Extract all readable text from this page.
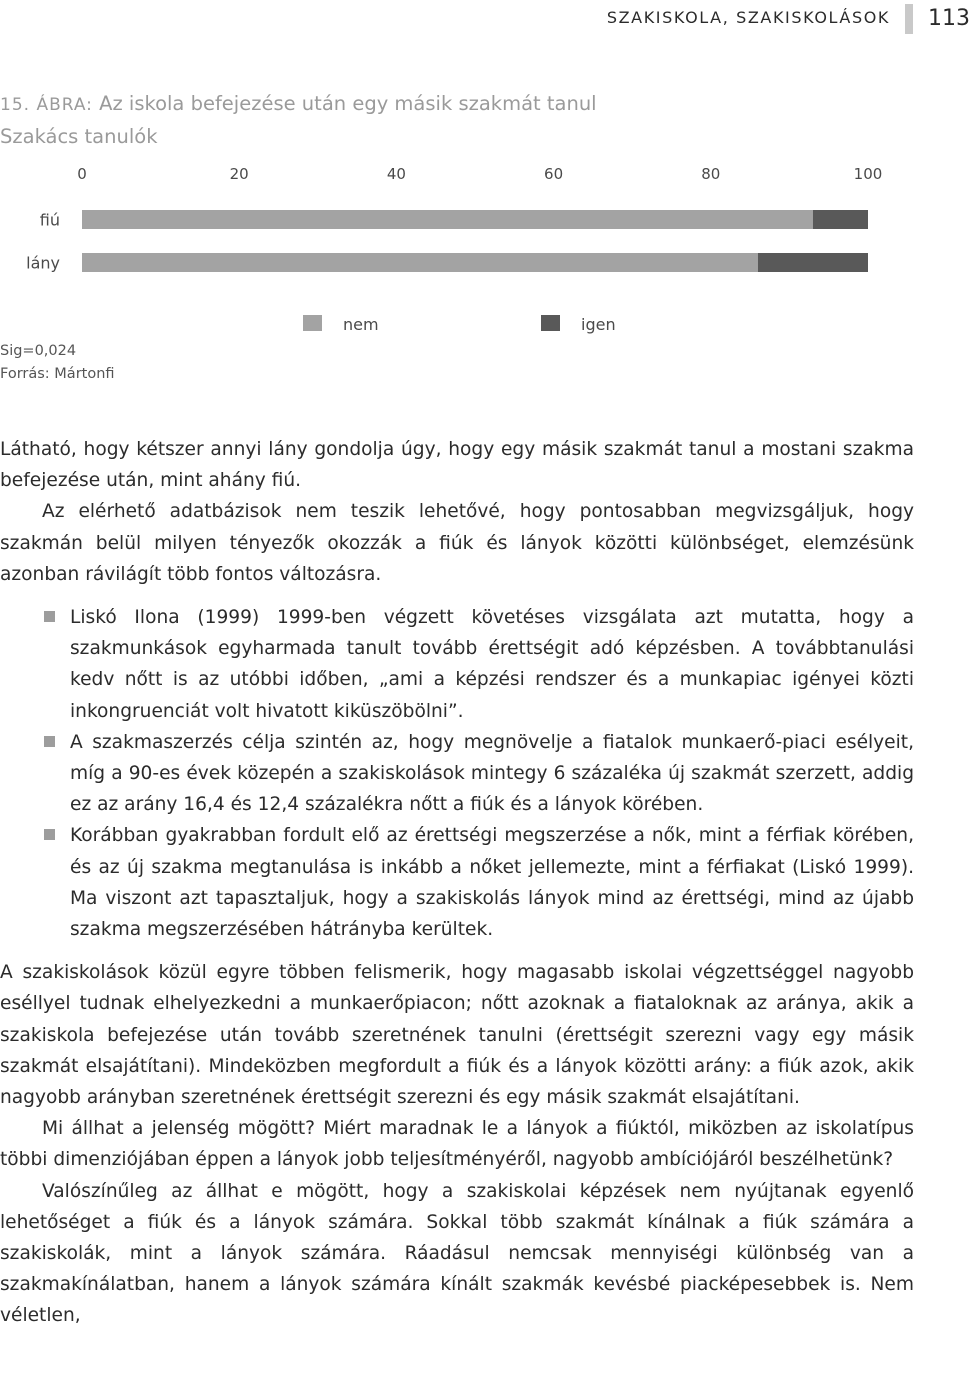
SZAKISKOLA, SZAKISKOLÁSOK 113
15. ÁBRA: Az iskola befejezése után egy másik szakmát tanul
Szakács tanulók
0	20	40	60	80	100
fiú
lány
nem	igen
Sig=0,024
Forrás: Mártonfi

Látható, hogy kétszer annyi lány gondolja úgy, hogy egy másik szakmát tanul a mostani szakma befejezése után, mint ahány fiú.

Az elérhető adatbázisok nem teszik lehetővé, hogy pontosabban megvizsgáljuk, hogy szakmán belül milyen tényezők okozzák a fiúk és lányok közötti különbséget, elemzésünk azonban rávilágít több fontos változásra.

Liskó Ilona (1999) 1999-ben végzett követéses vizsgálata azt mutatta, hogy a szakmunkások egyharmada tanult tovább érettségit adó képzésben. A továbbtanulási kedv nőtt is az utóbbi időben, „ami a képzési rendszer és a munkapiac igényei közti inkongruenciát volt hivatott kiküszöbölni”.
A szakmaszerzés célja szintén az, hogy megnövelje a fiatalok munkaerő-piaci esélyeit, míg a 90-es évek közepén a szakiskolások mintegy 6 százaléka új szakmát szerzett, addig ez az arány 16,4 és 12,4 százalékra nőtt a fiúk és a lányok körében.
Korábban gyakrabban fordult elő az érettségi megszerzése a nők, mint a férfiak körében, és az új szakma megtanulása is inkább a nőket jellemezte, mint a férfiakat (Liskó 1999). Ma viszont azt tapasztaljuk, hogy a szakiskolás lányok mind az érettségi, mind az újabb szakma megszerzésében hátrányba kerültek.

A szakiskolások közül egyre többen felismerik, hogy magasabb iskolai végzettséggel nagyobb eséllyel tudnak elhelyezkedni a munkaerőpiacon; nőtt azoknak a fiataloknak az aránya, akik a szakiskola befejezése után tovább szeretnének tanulni (érettségit szerezni vagy egy másik szakmát elsajátítani). Mindeközben megfordult a fiúk és a lányok közötti arány: a fiúk azok, akik nagyobb arányban szeretnének érettségit szerezni és egy másik szakmát elsajátítani.

Mi állhat a jelenség mögött? Miért maradnak le a lányok a fiúktól, miközben az iskolatípus többi dimenziójában éppen a lányok jobb teljesítményéről, nagyobb ambíciójáról beszélhetünk?

Valószínűleg az állhat e mögött, hogy a szakiskolai képzések nem nyújtanak egyenlő lehetőséget a fiúk és a lányok számára. Sokkal több szakmát kínálnak a fiúk számára a szakiskolák, mint a lányok számára. Ráadásul nemcsak mennyiségi különbség van a szakmakínálatban, hanem a lányok számára kínált szakmák kevésbé piacképesebbek is. Nem véletlen,
